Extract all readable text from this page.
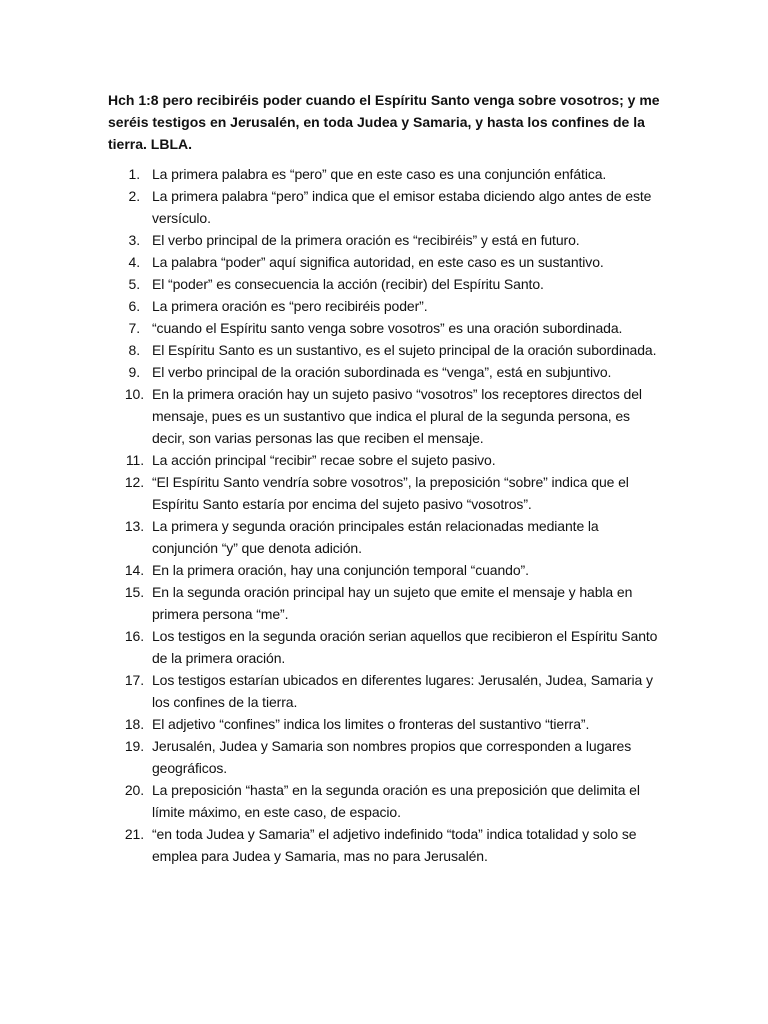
Hch 1:8 pero recibiréis poder cuando el Espíritu Santo venga sobre vosotros; y me seréis testigos en Jerusalén, en toda Judea y Samaria, y hasta los confines de la tierra. LBLA.

1. La primera palabra es “pero” que en este caso es una conjunción enfática.
2. La primera palabra “pero” indica que el emisor estaba diciendo algo antes de este versículo.
3. El verbo principal de la primera oración es “recibiréis” y está en futuro.
4. La palabra “poder” aquí significa autoridad, en este caso es un sustantivo.
5. El “poder” es consecuencia la acción (recibir) del Espíritu Santo.
6. La primera oración es “pero recibiréis poder”.
7. “cuando el Espíritu santo venga sobre vosotros” es una oración subordinada.
8. El Espíritu Santo es un sustantivo, es el sujeto principal de la oración subordinada.
9. El verbo principal de la oración subordinada es “venga”, está en subjuntivo.
10. En la primera oración hay un sujeto pasivo “vosotros” los receptores directos del mensaje, pues es un sustantivo que indica el plural de la segunda persona, es decir, son varias personas las que reciben el mensaje.
11. La acción principal “recibir” recae sobre el sujeto pasivo.
12. “El Espíritu Santo vendría sobre vosotros”, la preposición “sobre” indica que el Espíritu Santo estaría por encima del sujeto pasivo “vosotros”.
13. La primera y segunda oración principales están relacionadas mediante la conjunción “y” que denota adición.
14. En la primera oración, hay una conjunción temporal “cuando”.
15. En la segunda oración principal hay un sujeto que emite el mensaje y habla en primera persona “me”.
16. Los testigos en la segunda oración serian aquellos que recibieron el Espíritu Santo de la primera oración.
17. Los testigos estarían ubicados en diferentes lugares: Jerusalén, Judea, Samaria y los confines de la tierra.
18. El adjetivo “confines” indica los limites o fronteras del sustantivo “tierra”.
19. Jerusalén, Judea y Samaria son nombres propios que corresponden a lugares geográficos.
20. La preposición “hasta” en la segunda oración es una preposición que delimita el límite máximo, en este caso, de espacio.
21. “en toda Judea y Samaria” el adjetivo indefinido “toda” indica totalidad y solo se emplea para Judea y Samaria, mas no para Jerusalén.
